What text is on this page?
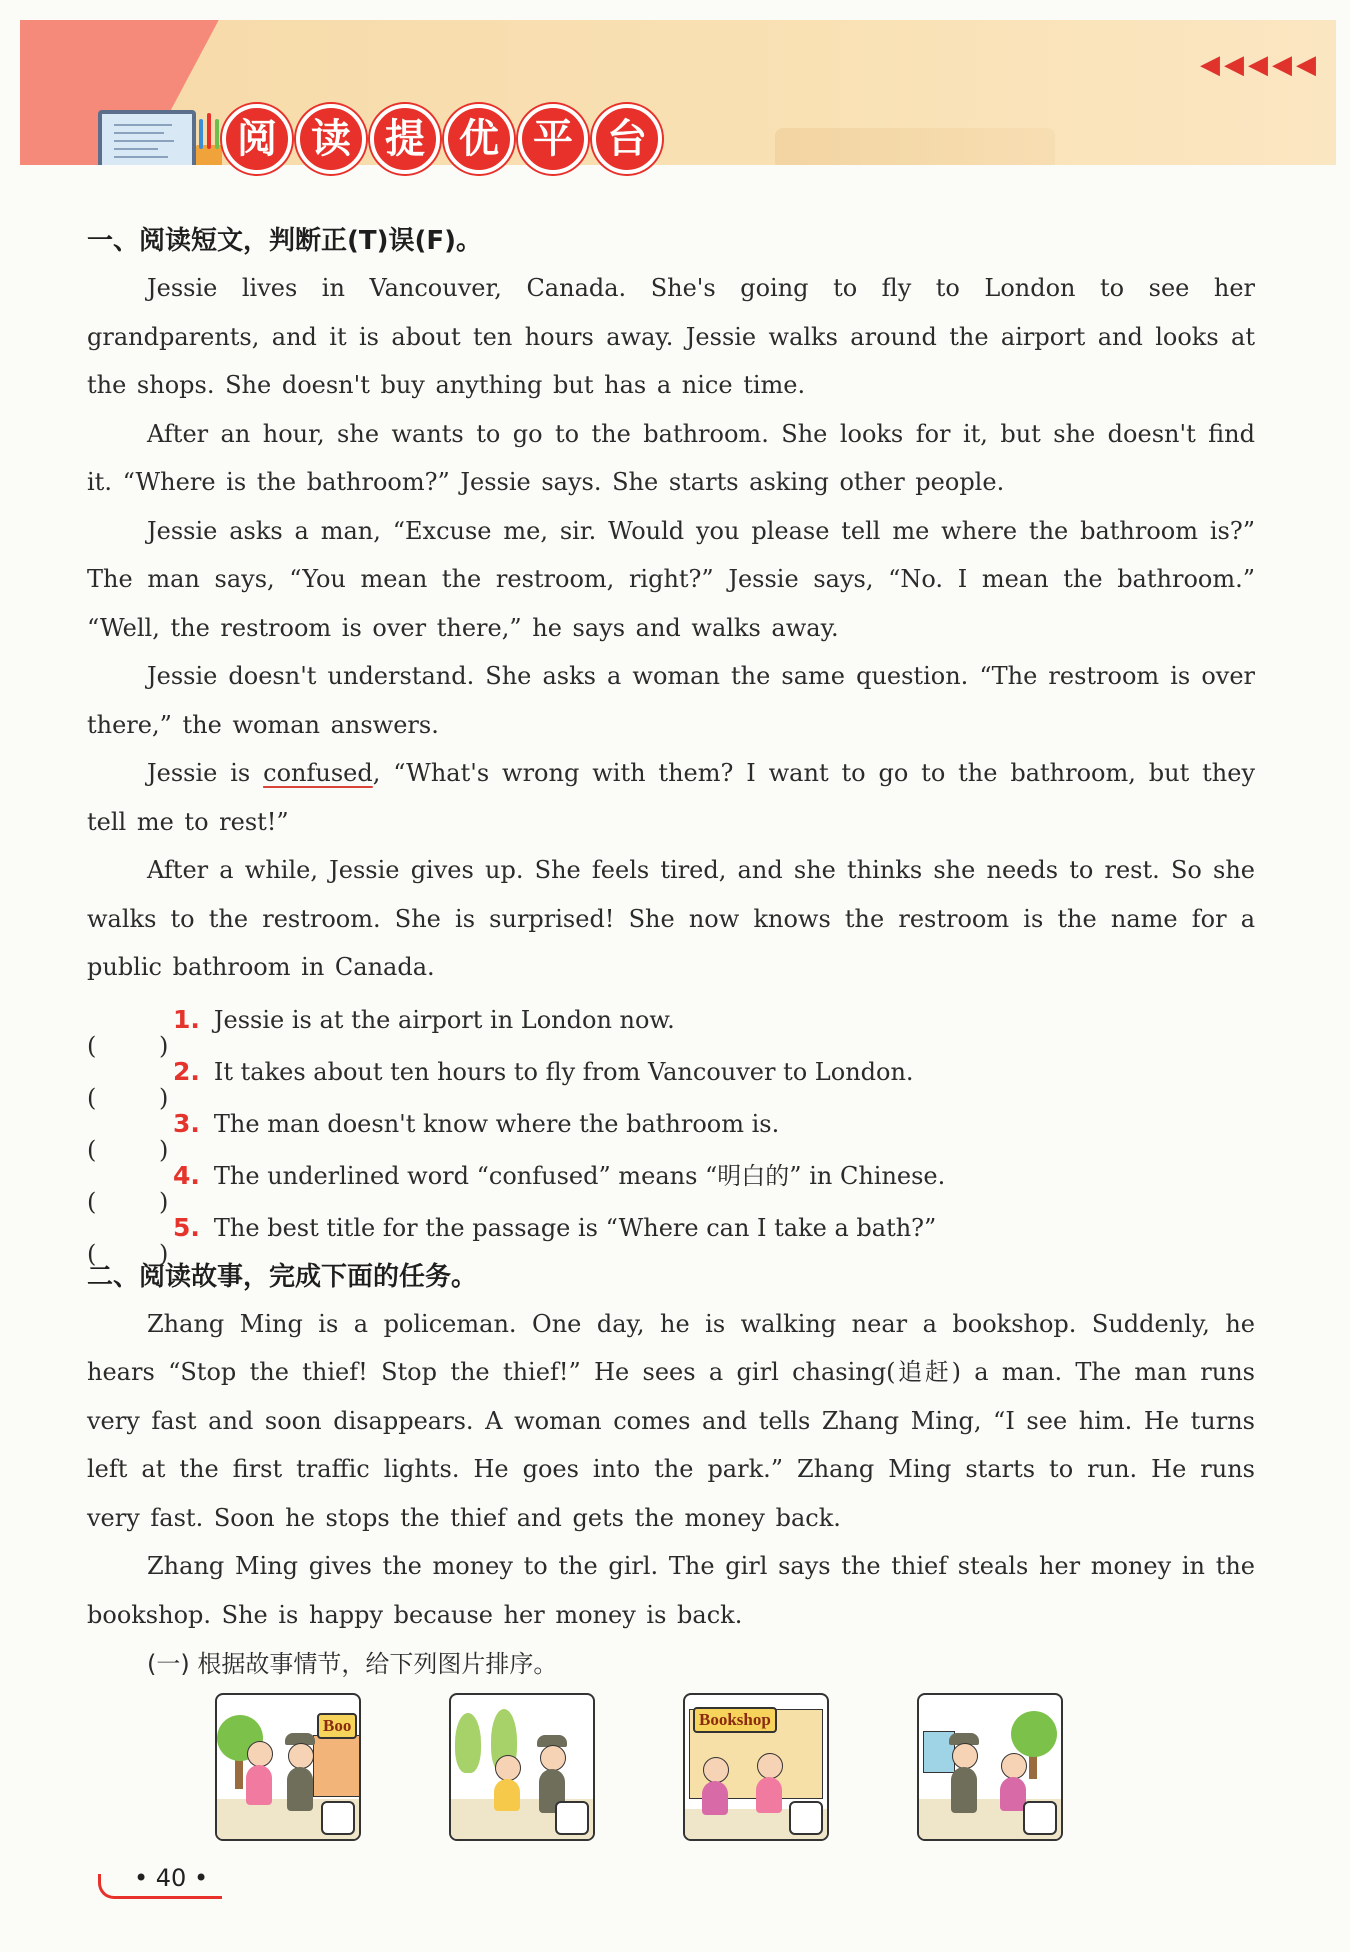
◀◀◀◀◀
阅 读 提 优 平 台
一、阅读短文，判断正(T)误(F)。

Jessie lives in Vancouver, Canada. She's going to fly to London to see her grandparents, and it is about ten hours away. Jessie walks around the airport and looks at the shops. She doesn't buy anything but has a nice time.

After an hour, she wants to go to the bathroom. She looks for it, but she doesn't find it. “Where is the bathroom?” Jessie says. She starts asking other people.

Jessie asks a man, “Excuse me, sir. Would you please tell me where the bathroom is?” The man says, “You mean the restroom, right?” Jessie says, “No. I mean the bathroom.” “Well, the restroom is over there,” he says and walks away.

Jessie doesn't understand. She asks a woman the same question. “The restroom is over there,” the woman answers.

Jessie is confused, “What's wrong with them? I want to go to the bathroom, but they tell me to rest!”

After a while, Jessie gives up. She feels tired, and she thinks she needs to rest. So she walks to the restroom. She is surprised! She now knows the restroom is the name for a public bathroom in Canada.

(	)
1. Jessie is at the airport in London now.
(	)
2. It takes about ten hours to fly from Vancouver to London.
(	)
3. The man doesn't know where the bathroom is.
(	)
4. The underlined word “confused” means “明白的” in Chinese.
(	)
5. The best title for the passage is “Where can I take a bath?”
二、阅读故事，完成下面的任务。

Zhang Ming is a policeman. One day, he is walking near a bookshop. Suddenly, he hears “Stop the thief! Stop the thief!” He sees a girl chasing(追赶) a man. The man runs very fast and soon disappears. A woman comes and tells Zhang Ming, “I see him. He turns left at the first traffic lights. He goes into the park.” Zhang Ming starts to run. He runs very fast. Soon he stops the thief and gets the money back.

Zhang Ming gives the money to the girl. The girl says the thief steals her money in the bookshop. She is happy because her money is back.

(一) 根据故事情节，给下列图片排序。

Boo	Bookshop
• 40 •
